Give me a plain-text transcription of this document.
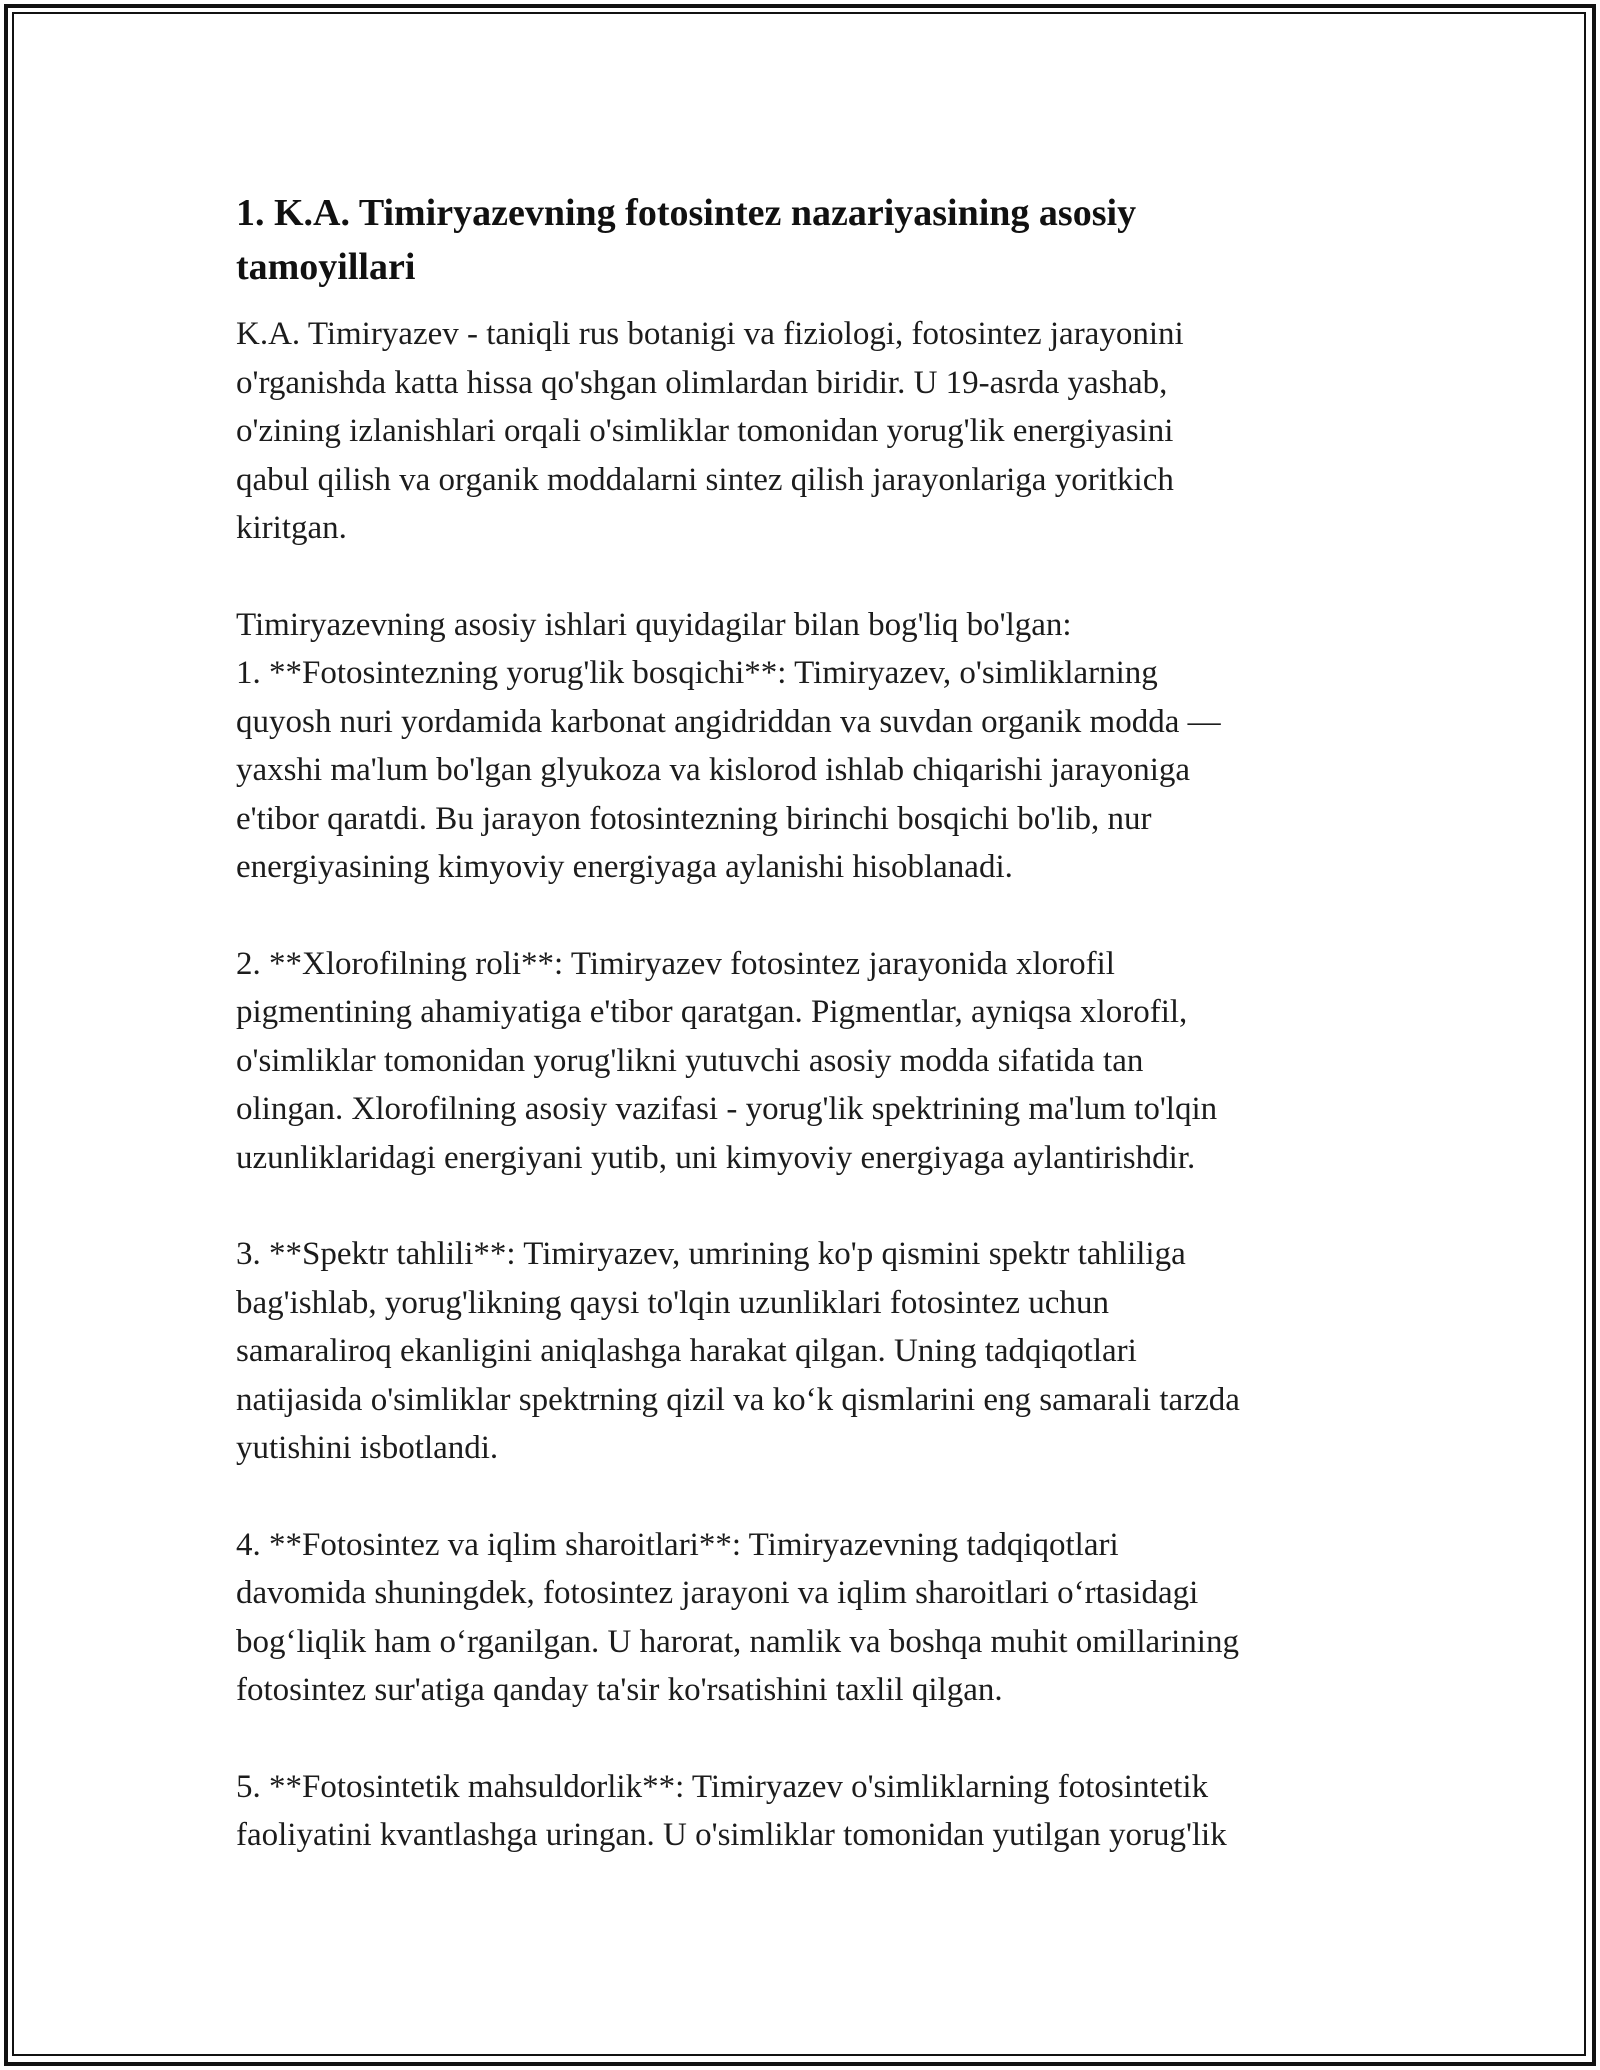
1. K.A. Timiryazevning fotosintez nazariyasining asosiy
tamoyillari

K.A. Timiryazev - taniqli rus botanigi va fiziologi, fotosintez jarayonini
o'rganishda katta hissa qo'shgan olimlardan biridir. U 19-asrda yashab,
o'zining izlanishlari orqali o'simliklar tomonidan yorug'lik energiyasini
qabul qilish va organik moddalarni sintez qilish jarayonlariga yoritkich
kiritgan.

Timiryazevning asosiy ishlari quyidagilar bilan bog'liq bo'lgan:
1. **Fotosintezning yorug'lik bosqichi**: Timiryazev, o'simliklarning
quyosh nuri yordamida karbonat angidriddan va suvdan organik modda —
yaxshi ma'lum bo'lgan glyukoza va kislorod ishlab chiqarishi jarayoniga
e'tibor qaratdi. Bu jarayon fotosintezning birinchi bosqichi bo'lib, nur
energiyasining kimyoviy energiyaga aylanishi hisoblanadi.

2. **Xlorofilning roli**: Timiryazev fotosintez jarayonida xlorofil
pigmentining ahamiyatiga e'tibor qaratgan. Pigmentlar, ayniqsa xlorofil,
o'simliklar tomonidan yorug'likni yutuvchi asosiy modda sifatida tan
olingan. Xlorofilning asosiy vazifasi - yorug'lik spektrining ma'lum to'lqin
uzunliklaridagi energiyani yutib, uni kimyoviy energiyaga aylantirishdir.

3. **Spektr tahlili**: Timiryazev, umrining ko'p qismini spektr tahliliga
bag'ishlab, yorug'likning qaysi to'lqin uzunliklari fotosintez uchun
samaraliroq ekanligini aniqlashga harakat qilgan. Uning tadqiqotlari
natijasida o'simliklar spektrning qizil va koʻk qismlarini eng samarali tarzda
yutishini isbotlandi.

4. **Fotosintez va iqlim sharoitlari**: Timiryazevning tadqiqotlari
davomida shuningdek, fotosintez jarayoni va iqlim sharoitlari oʻrtasidagi
bogʻliqlik ham oʻrganilgan. U harorat, namlik va boshqa muhit omillarining
fotosintez sur'atiga qanday ta'sir ko'rsatishini taxlil qilgan.

5. **Fotosintetik mahsuldorlik**: Timiryazev o'simliklarning fotosintetik
faoliyatini kvantlashga uringan. U o'simliklar tomonidan yutilgan yorug'lik
